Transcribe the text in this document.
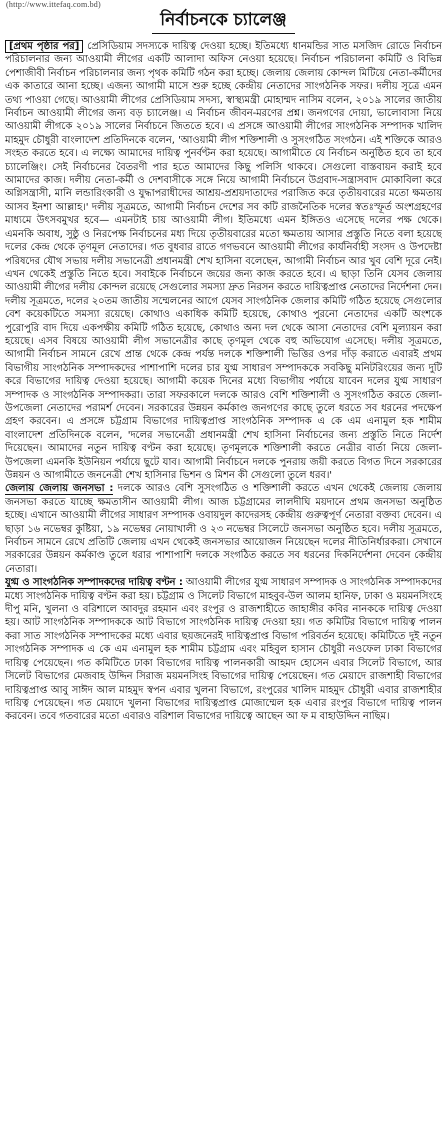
(http://www.ittefaq.com.bd)
নির্বাচনকে চ্যালেঞ্জ

[প্রথম পৃষ্ঠার পর] প্রেসিডিয়াম সদস্যকে দায়িত্ব দেওয়া হচ্ছে। ইতিমধ্যে ধানমন্ডির সাত মসজিদ রোডে নির্বাচন পরিচালনার জন্য আওয়ামী লীগের একটি আলাদা অফিস নেওয়া হয়েছে। নির্বাচন পরিচালনা কমিটি ও বিভিন্ন পেশাজীবী নির্বাচন পরিচালনার জন্য পৃথক কমিটি গঠন করা হচ্ছে। জেলায় জেলায় কোন্দল মিটিয়ে নেতা-কর্মীদের এক কাতারে আনা হচ্ছে। এজন্য আগামী মাসে শুরু হচ্ছে কেন্দ্রীয় নেতাদের সাংগঠনিক সফর। দলীয় সূত্রে এমন তথ্য পাওয়া গেছে। আওয়ামী লীগের প্রেসিডিয়াম সদস্য, স্বাস্থ্যমন্ত্রী মোহাম্মদ নাসিম বলেন, ২০১৯ সালের জাতীয় নির্বাচন আওয়ামী লীগের জন্য বড় চ্যালেঞ্জ। এ নির্বাচন জীবন-মরণের প্রশ্ন। জনগণের দোয়া, ভালোবাসা নিয়ে আওয়ামী লীগকে ২০১৯ সালের নির্বাচনে জিততে হবে। এ প্রসঙ্গে আওয়ামী লীগের সাংগঠনিক সম্পাদক খালিদ মাহমুদ চৌধুরী বাংলাদেশ প্রতিদিনকে বলেন, 'আওয়ামী লীগ শক্তিশালী ও সুসংগঠিত সংগঠন। এই শক্তিকে আরও সংহত করতে হবে। এ লক্ষ্যে আমাদের দায়িত্ব পুনর্বণ্টন করা হয়েছে। আগামীতে যে নির্বাচন অনুষ্ঠিত হবে তা হবে চ্যালেঞ্জিং। সেই নির্বাচনের বৈতরণী পার হতে আমাদের কিছু পলিসি থাকবে। সেগুলো বাস্তবায়ন করাই হবে আমাদের কাজ। দলীয় নেতা-কর্মী ও দেশবাসীকে সঙ্গে নিয়ে আগামী নির্বাচনে উগ্রবাদ-সন্ত্রাসবাদ মোকাবিলা করে অগ্নিসন্ত্রাসী, মানি লন্ডারিংকারী ও যুদ্ধাপরাধীদের আশ্রয়-প্রশ্রয়দাতাদের পরাজিত করে তৃতীয়বারের মতো ক্ষমতায় আসব ইনশা আল্লাহ।' দলীয় সূত্রমতে, আগামী নির্বাচন দেশের সব কটি রাজনৈতিক দলের স্বতঃস্ফূর্ত অংশগ্রহণের মাধ্যমে উৎসবমুখর হবে— এমনটাই চায় আওয়ামী লীগ। ইতিমধ্যে এমন ইঙ্গিতও এসেছে দলের পক্ষ থেকে। এমনকি অবাধ, সুষ্ঠু ও নিরপেক্ষ নির্বাচনের মধ্য দিয়ে তৃতীয়বারের মতো ক্ষমতায় আসার প্রস্তুতি নিতে বলা হয়েছে দলের কেন্দ্র থেকে তৃণমূল নেতাদের। গত বুধবার রাতে গণভবনে আওয়ামী লীগের কার্যনির্বাহী সংসদ ও উপদেষ্টা পরিষদের যৌথ সভায় দলীয় সভানেত্রী প্রধানমন্ত্রী শেখ হাসিনা বলেছেন, আগামী নির্বাচন আর খুব বেশি দূরে নেই। এখন থেকেই প্রস্তুতি নিতে হবে। সবাইকে নির্বাচনে জয়ের জন্য কাজ করতে হবে। এ ছাড়া তিনি যেসব জেলায় আওয়ামী লীগের দলীয় কোন্দল রয়েছে সেগুলোর সমস্যা দ্রুত নিরসন করতে দায়িত্বপ্রাপ্ত নেতাদের নির্দেশনা দেন। দলীয় সূত্রমতে, দলের ২০তম জাতীয় সম্মেলনের আগে যেসব সাংগঠনিক জেলার কমিটি গঠিত হয়েছে সেগুলোর বেশ কয়েকটিতে সমস্যা রয়েছে। কোথাও একাধিক কমিটি হয়েছে, কোথাও পুরনো নেতাদের একটি অংশকে পুরোপুরি বাদ দিয়ে একপক্ষীয় কমিটি গঠিত হয়েছে, কোথাও অন্য দল থেকে আসা নেতাদের বেশি মূল্যায়ন করা হয়েছে। এসব বিষয়ে আওয়ামী লীগ সভানেত্রীর কাছে তৃণমূল থেকে বহু অভিযোগ এসেছে। দলীয় সূত্রমতে, আগামী নির্বাচন সামনে রেখে প্রান্ত থেকে কেন্দ্র পর্যন্ত দলকে শক্তিশালী ভিত্তির ওপর দাঁড় করাতে এবারই প্রথম বিভাগীয় সাংগঠনিক সম্পাদকদের পাশাপাশি দলের চার যুগ্ম সাধারণ সম্পাদককে সবকিছু মনিটরিংয়ের জন্য দুটি করে বিভাগের দায়িত্ব দেওয়া হয়েছে। আগামী কয়েক দিনের মধ্যে বিভাগীয় পর্যায়ে যাবেন দলের যুগ্ম সাধারণ সম্পাদক ও সাংগঠনিক সম্পাদকরা। তারা সফরকালে দলকে আরও বেশি শক্তিশালী ও সুসংগঠিত করতে জেলা-উপজেলা নেতাদের পরামর্শ দেবেন। সরকারের উন্নয়ন কর্মকাণ্ড জনগণের কাছে তুলে ধরতে সব ধরনের পদক্ষেপ গ্রহণ করবেন। এ প্রসঙ্গে চট্টগ্রাম বিভাগের দায়িত্বপ্রাপ্ত সাংগঠনিক সম্পাদক এ কে এম এনামুল হক শামীম বাংলাদেশ প্রতিদিনকে বলেন, 'দলের সভানেত্রী প্রধানমন্ত্রী শেখ হাসিনা নির্বাচনের জন্য প্রস্তুতি নিতে নির্দেশ দিয়েছেন। আমাদের নতুন দায়িত্ব বণ্টন করা হয়েছে। তৃণমূলকে শক্তিশালী করতে নেত্রীর বার্তা নিয়ে জেলা-উপজেলা এমনকি ইউনিয়ন পর্যায়ে ছুটে যাব। আগামী নির্বাচনে দলকে পুনরায় জয়ী করতে বিগত দিনে সরকারের উন্নয়ন ও আগামীতে জননেত্রী শেখ হাসিনার ভিশন ও মিশন কী সেগুলো তুলে ধরব।'

জেলায় জেলায় জনসভা : দলকে আরও বেশি সুসংগঠিত ও শক্তিশালী করতে এখন থেকেই জেলায় জেলায় জনসভা করতে যাচ্ছে ক্ষমতাসীন আওয়ামী লীগ। আজ চট্টগ্রামের লালদীঘি ময়দানে প্রথম জনসভা অনুষ্ঠিত হচ্ছে। এখানে আওয়ামী লীগের সাধারণ সম্পাদক ওবায়দুল কাদেরসহ কেন্দ্রীয় গুরুত্বপূর্ণ নেতারা বক্তব্য দেবেন। এ ছাড়া ১৬ নভেম্বর কুষ্টিয়া, ১৯ নভেম্বর নোয়াখালী ও ২৩ নভেম্বর সিলেটে জনসভা অনুষ্ঠিত হবে। দলীয় সূত্রমতে, নির্বাচন সামনে রেখে প্রতিটি জেলায় এখন থেকেই জনসভার আয়োজন নিয়েছেন দলের নীতিনির্ধারকরা। সেখানে সরকারের উন্নয়ন কর্মকাণ্ড তুলে ধরার পাশাপাশি দলকে সংগঠিত করতে সব ধরনের দিকনির্দেশনা দেবেন কেন্দ্রীয় নেতারা।

যুগ্ম ও সাংগঠনিক সম্পাদকদের দায়িত্ব বণ্টন : আওয়ামী লীগের যুগ্ম সাধারণ সম্পাদক ও সাংগঠনিক সম্পাদকদের মধ্যে সাংগঠনিক দায়িত্ব বণ্টন করা হয়। চট্টগ্রাম ও সিলেট বিভাগে মাহবুব-উল আলম হানিফ, ঢাকা ও ময়মনসিংহে দীপু মনি, খুলনা ও বরিশালে আবদুর রহমান এবং রংপুর ও রাজশাহীতে জাহাঙ্গীর কবির নানককে দায়িত্ব দেওয়া হয়। আট সাংগঠনিক সম্পাদককে আট বিভাগে সাংগঠনিক দায়িত্ব দেওয়া হয়। গত কমিটির বিভাগে দায়িত্ব পালন করা সাত সাংগঠনিক সম্পাদকের মধ্যে এবার ছয়জনেরই দায়িত্বপ্রাপ্ত বিভাগ পরিবর্তন হয়েছে। কমিটিতে দুই নতুন সাংগঠনিক সম্পাদক এ কে এম এনামুল হক শামীম চট্টগ্রাম এবং মহিবুল হাসান চৌধুরী নওফেল ঢাকা বিভাগের দায়িত্ব পেয়েছেন। গত কমিটিতে ঢাকা বিভাগের দায়িত্ব পালনকারী আহমদ হোসেন এবার সিলেট বিভাগে, আর সিলেট বিভাগের মেজবাহ উদ্দিন সিরাজ ময়মনসিংহ বিভাগের দায়িত্ব পেয়েছেন। গত মেয়াদে রাজশাহী বিভাগের দায়িত্বপ্রাপ্ত আবু সাঈদ আল মাহমুদ স্বপন এবার খুলনা বিভাগে, রংপুরের খালিদ মাহমুদ চৌধুরী এবার রাজশাহীর দায়িত্ব পেয়েছেন। গত মেয়াদে খুলনা বিভাগের দায়িত্বপ্রাপ্ত মোজাম্মেল হক এবার রংপুর বিভাগে দায়িত্ব পালন করবেন। তবে গতবারের মতো এবারও বরিশাল বিভাগের দায়িত্বে আছেন আ ফ ম বাহাউদ্দিন নাছিম।
